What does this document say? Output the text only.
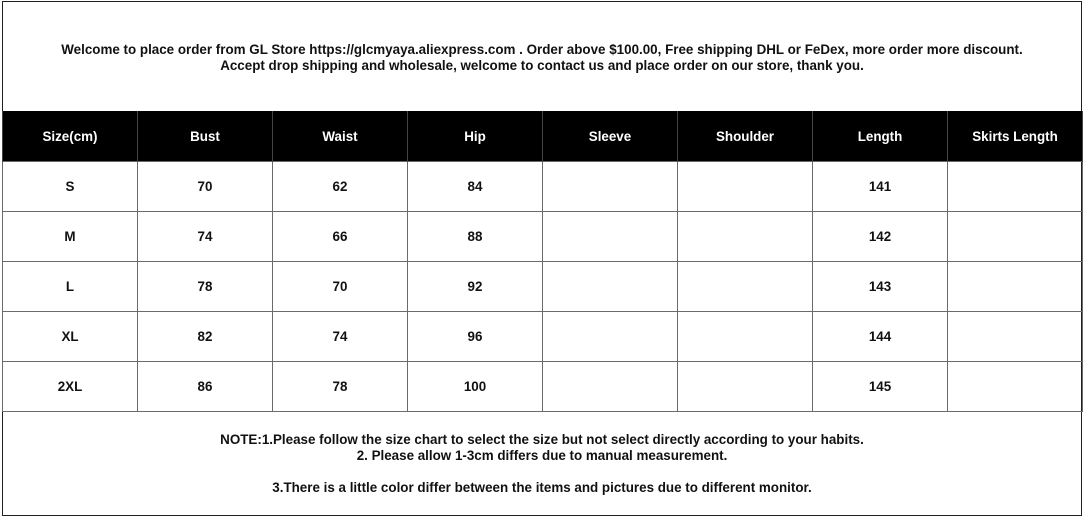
Welcome to place order from GL Store https://glcmyaya.aliexpress.com . Order above $100.00, Free shipping DHL or FeDex, more order more discount.
Accept drop shipping and wholesale, welcome to contact us and place order on our store, thank you.
Size(cm)	Bust	Waist	Hip	Sleeve	Shoulder	Length	Skirts Length
S	70	62	84			141	
M	74	66	88			142	
L	78	70	92			143	
XL	82	74	96			144	
2XL	86	78	100			145	
NOTE:1.Please follow the size chart to select the size but not select directly according to your habits.
2. Please allow 1-3cm differs due to manual measurement.
3.There is a little color differ between the items and pictures due to different monitor.
